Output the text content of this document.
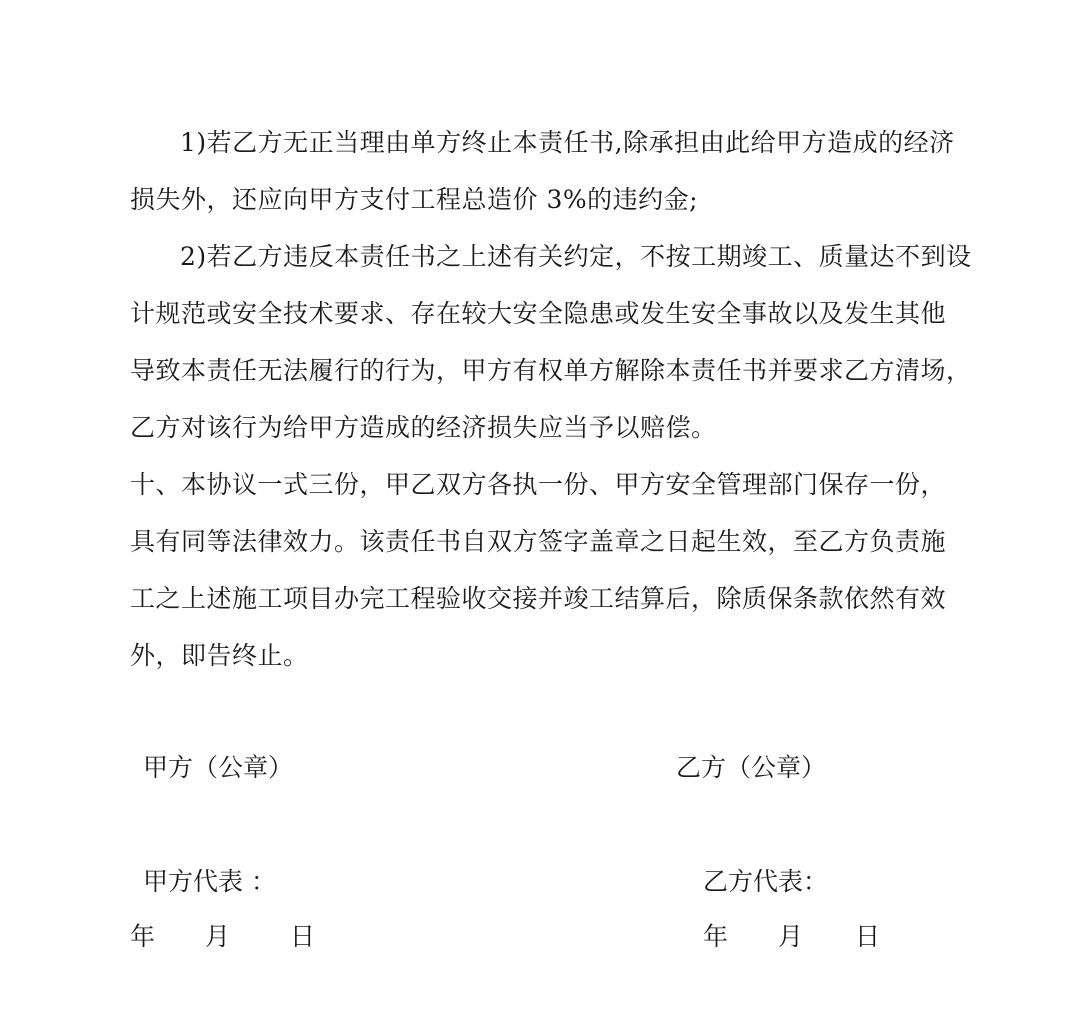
1)若乙方无正当理由单方终止本责任书,除承担由此给甲方造成的经济
损失外，还应向甲方支付工程总造价 3%的违约金;
2)若乙方违反本责任书之上述有关约定，不按工期竣工、质量达不到设
计规范或安全技术要求、存在较大安全隐患或发生安全事故以及发生其他
导致本责任无法履行的行为，甲方有权单方解除本责任书并要求乙方清场，
乙方对该行为给甲方造成的经济损失应当予以赔偿。
十、本协议一式三份，甲乙双方各执一份、甲方安全管理部门保存一份，
具有同等法律效力。该责任书自双方签字盖章之日起生效，至乙方负责施
工之上述施工项目办完工程验收交接并竣工结算后，除质保条款依然有效
外，即告终止。
甲方（公章）	乙方（公章）
甲方代表 ：	乙方代表：
年 月 日	年 月 日
